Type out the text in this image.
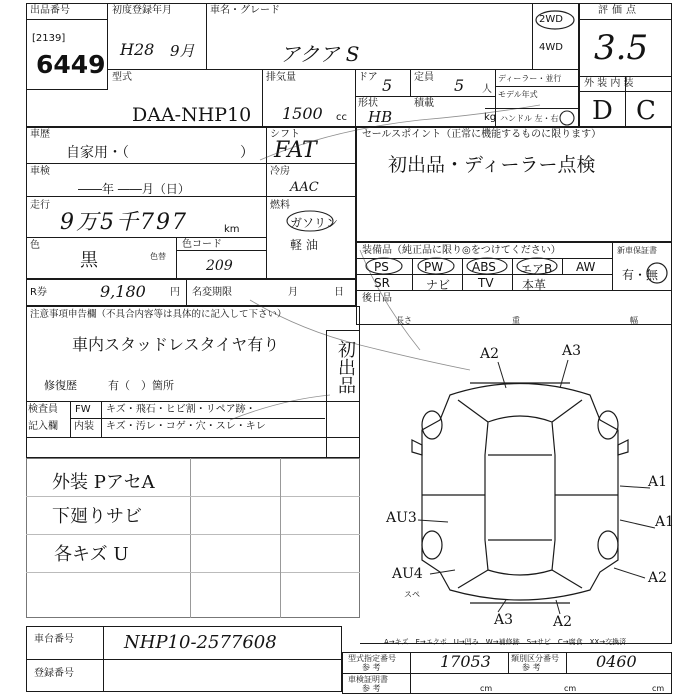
出品番号
[2139]
6449
初度登録年月
H28 9月
車名・グレード
アクア S
2WD
4WD
評価点
3.5
外 装 内 装
D C
型式
DAA-NHP10
排気量
1500 cc
ドア 5 定員 5 人
形状
HB
積載
kg
ディーラー・並行
モデル年式
ハンドル 左・右
車歴
自家用・（	）
シフト
FAT
車検
――年 ――月（日）
冷房
AAC
走行
9万5千797	km
燃料
ガソリン
軽 油
色
黒	色替
色コード
209
セールスポイント（正常に機能するものに限ります）
初出品・ディーラー点検
装備品（純正品に限り◎をつけてください）	新車保証書
有・無
PS	PW ABS エアB AW
SR	ナビ TV 本革
後日品
R券	9,180 円 名変期限	月	日
注意事項申告欄（不具合内容等は具体的に記入して下さい）
車内スタッドレスタイヤ有り
修復歴	有（　）箇所	初出品
検査員
記入欄
FW キズ・飛石・ヒビ割・リペア跡・
内装 キズ・汚レ・コゲ・穴・スレ・キレ
外装 PアセA
下廻りサビ
各キズ U
A2	A3
A1
A1
AU3
AU4	A2
A3	A2
スペ
A→キズ　E→エクボ　U→凹み　W→補修跡　S→サビ　C→腐食　XX→交換済
長さ	重	幅
車台番号	NHP10-2577608
登録番号
型式指定番号
参 考	17053	類別区分番号
参 考	0460
車検証明書
参 考	cm	cm	cm
